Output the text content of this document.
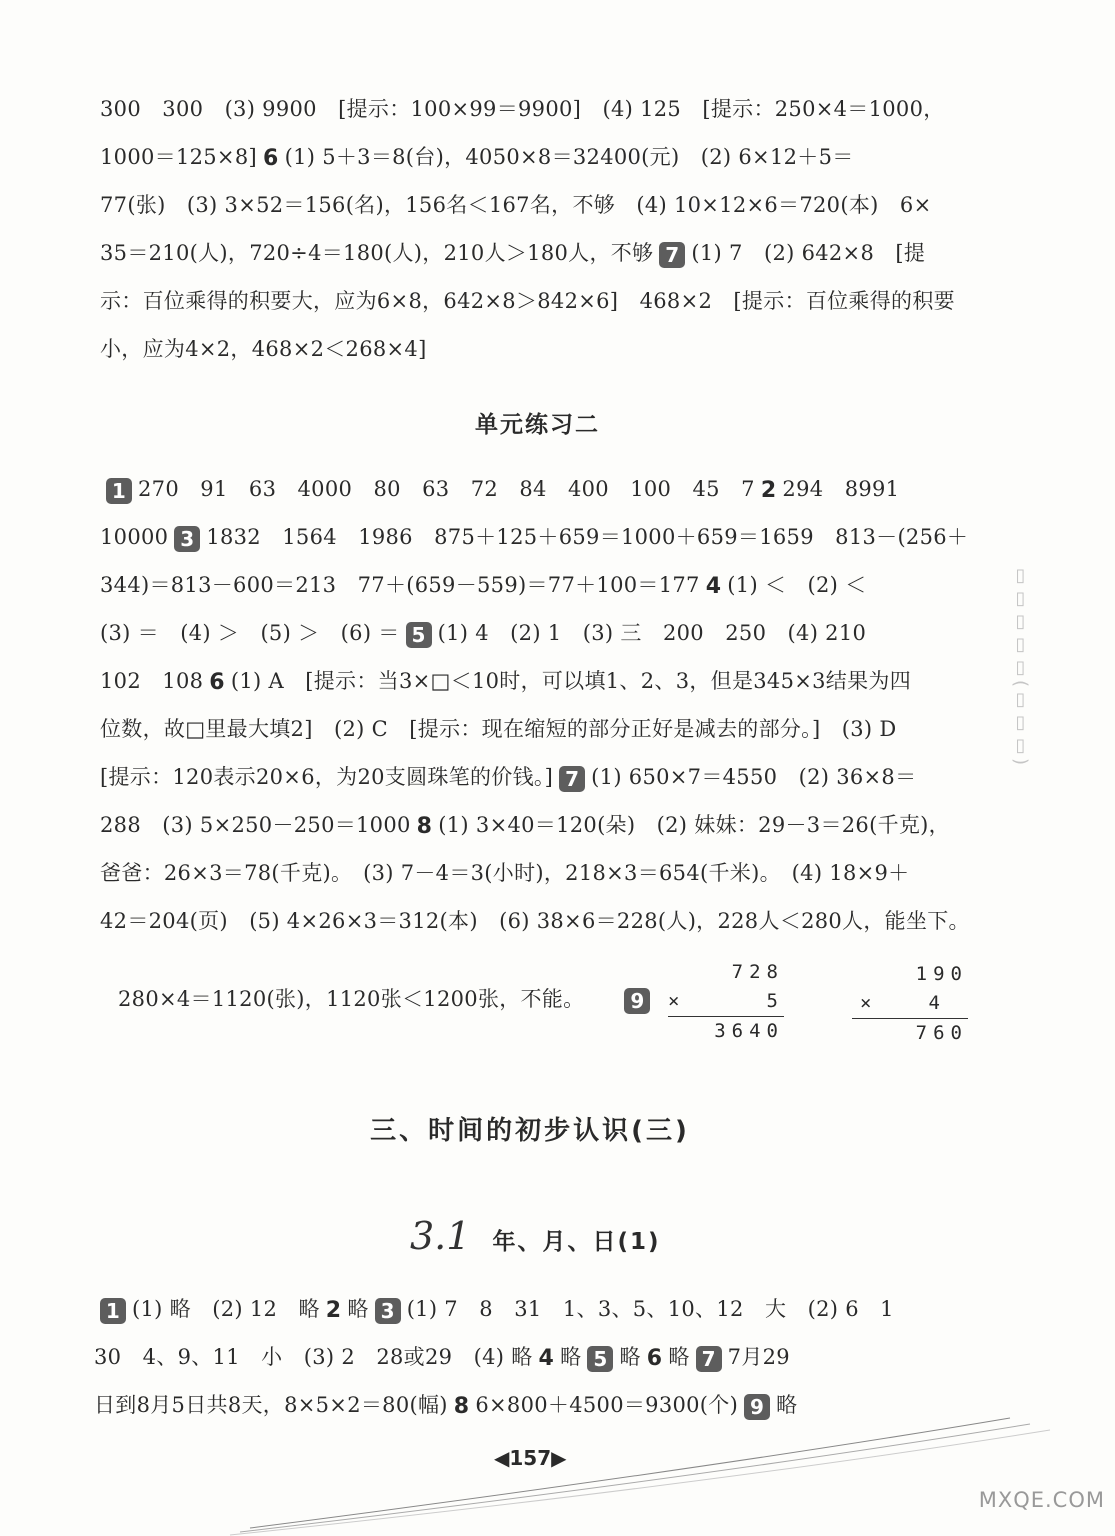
300　300　(3) 9900　[提示：100×99＝9900]　(4) 125　[提示：250×4＝1000，
1000＝125×8] 6 (1) 5＋3＝8(台)，4050×8＝32400(元)　(2) 6×12＋5＝
77(张)　(3) 3×52＝156(名)，156名＜167名，不够　(4) 10×12×6＝720(本)　6×
35＝210(人)，720÷4＝180(人)，210人＞180人，不够 7 (1) 7　(2) 642×8　[提
示：百位乘得的积要大，应为6×8，642×8＞842×6]　468×2　[提示：百位乘得的积要
小，应为4×2，468×2＜268×4]
单元练习二
1 270　91　63　4000　80　63　72　84　400　100　45　7 2 294　8991
10000 3 1832　1564　1986　875＋125＋659＝1000＋659＝1659　813－(256＋
344)＝813－600＝213　77＋(659－559)＝77＋100＝177 4 (1) ＜　(2) ＜
(3) ＝　(4) ＞　(5) ＞　(6) ＝ 5 (1) 4　(2) 1　(3) 三　200　250　(4) 210
102　108 6 (1) A　[提示：当3×□＜10时，可以填1、2、3，但是345×3结果为四
位数，故□里最大填2]　(2) C　[提示：现在缩短的部分正好是减去的部分。]　(3) D
[提示：120表示20×6，为20支圆珠笔的价钱。] 7 (1) 650×7＝4550　(2) 36×8＝
288　(3) 5×250－250＝1000 8 (1) 3×40＝120(朵)　(2) 妹妹：29－3＝26(千克)，
爸爸：26×3＝78(千克)。　(3) 7－4＝3(小时)，218×3＝654(千米)。　(4) 18×9＋
42＝204(页)　(5) 4×26×3＝312(本)　(6) 38×6＝228(人)，228人＜280人，能坐下。
280×4＝1120(张)，1120张＜1200张，不能。 9
728
×	5
3640
190
×	4
760
三、时间的初步认识(三)
3.1 年、月、日(1)
1 (1) 略　(2) 12　略 2 略 3 (1) 7　8　31　1、3、5、10、12　大　(2) 6　1
30　4、9、11　小　(3) 2　28或29　(4) 略 4 略 5 略 6 略 7 7月29
日到8月5日共8天，8×5×2＝80(幅) 8 6×800＋4500＝9300(个) 9 略
▯▯▯▯▯(▯▯▯)
◀157▶
MXQE.COM
